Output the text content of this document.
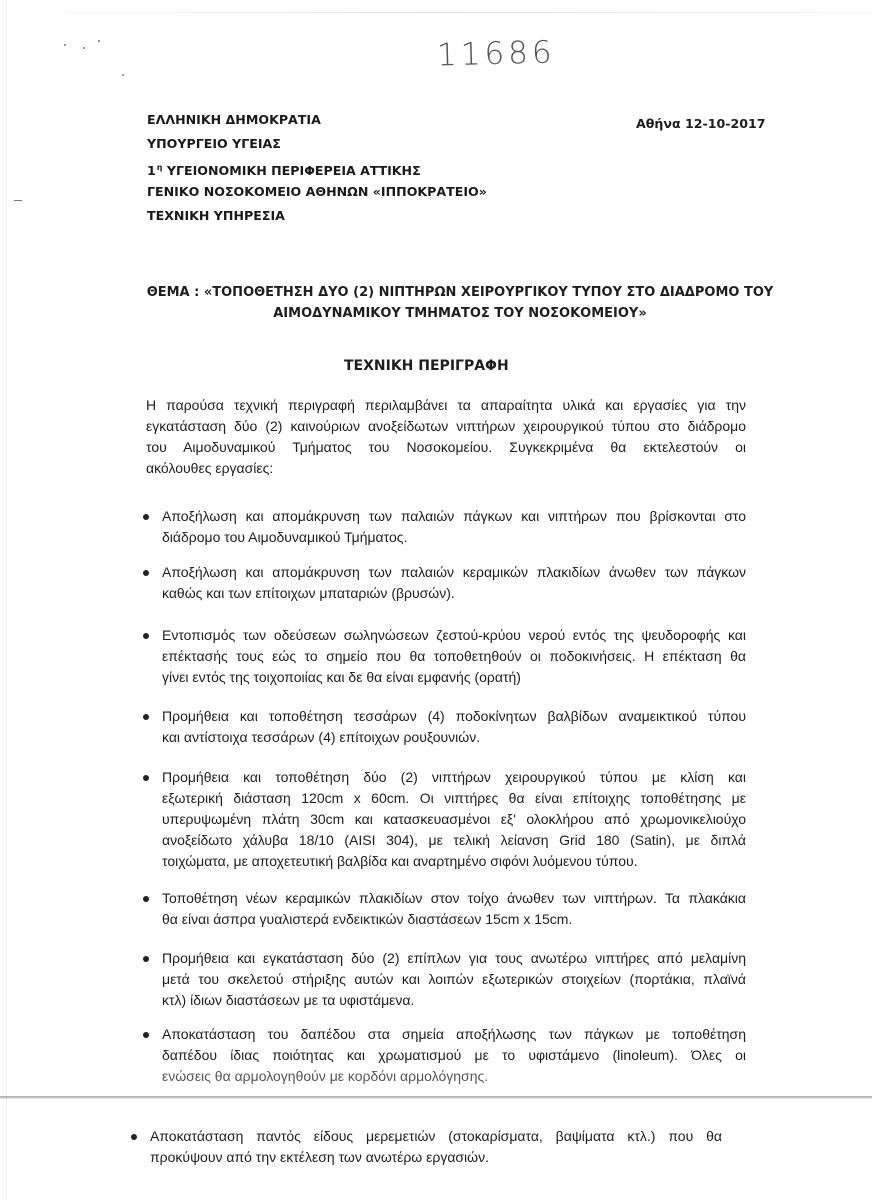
11686
ΕΛΛΗΝΙΚΗ ΔΗΜΟΚΡΑΤΙΑ
ΥΠΟΥΡΓΕΙΟ ΥΓΕΙΑΣ
$1^\eta$ ΥΓΕΙΟΝΟΜΙΚΗ ΠΕΡΙΦΕΡΕΙΑ ΑΤΤΙΚΗΣ
ΓΕΝΙΚΟ ΝΟΣΟΚΟΜΕΙΟ ΑΘΗΝΩΝ «ΙΠΠΟΚΡΑΤΕΙΟ»
ΤΕΧΝΙΚΗ ΥΠΗΡΕΣΙΑ
Αθήνα 12-10-2017
ΘΕΜΑ : «ΤΟΠΟΘΕΤΗΣΗ ΔΥΟ (2) ΝΙΠΤΗΡΩΝ ΧΕΙΡΟΥΡΓΙΚΟΥ ΤΥΠΟΥ ΣΤΟ ΔΙΑΔΡΟΜΟ ΤΟΥ
ΑΙΜΟΔΥΝΑΜΙΚΟΥ ΤΜΗΜΑΤΟΣ ΤΟΥ ΝΟΣΟΚΟΜΕΙΟΥ»
ΤΕΧΝΙΚΗ ΠΕΡΙΓΡΑΦΗ
Η παρούσα τεχνική περιγραφή περιλαμβάνει τα απαραίτητα υλικά και εργασίες για την
εγκατάσταση δύο (2) καινούριων ανοξείδωτων νιπτήρων χειρουργικού τύπου στο διάδρομο
του Αιμοδυναμικού Τμήματος του Νοσοκομείου. Συγκεκριμένα θα εκτελεστούν οι
ακόλουθες εργασίες:
Αποξήλωση και απομάκρυνση των παλαιών πάγκων και νιπτήρων που βρίσκονται στο
διάδρομο του Αιμοδυναμικού Τμήματος.
Αποξήλωση και απομάκρυνση των παλαιών κεραμικών πλακιδίων άνωθεν των πάγκων
καθώς και των επίτοιχων μπαταριών (βρυσών).
Εντοπισμός των οδεύσεων σωληνώσεων ζεστού-κρύου νερού εντός της ψευδοροφής και
επέκτασής τους εώς το σημείο που θα τοποθετηθούν οι ποδοκινήσεις. Η επέκταση θα
γίνει εντός της τοιχοποιίας και δε θα είναι εμφανής (ορατή)
Προμήθεια και τοποθέτηση τεσσάρων (4) ποδοκίνητων βαλβίδων αναμεικτικού τύπου
και αντίστοιχα τεσσάρων (4) επίτοιχων ρουξουνιών.
Προμήθεια και τοποθέτηση δύο (2) νιπτήρων χειρουργικού τύπου με κλίση και
εξωτερική διάσταση 120cm x 60cm. Οι νιπτήρες θα είναι επίτοιχης τοποθέτησης με
υπερυψωμένη πλάτη 30cm και κατασκευασμένοι εξ' ολοκλήρου από χρωμονικελιούχο
ανοξείδωτο χάλυβα 18/10 (AISI 304), με τελική λείανση Grid 180 (Satin), με διπλά
τοιχώματα, με αποχετευτική βαλβίδα και αναρτημένο σιφόνι λυόμενου τύπου.
Τοποθέτηση νέων κεραμικών πλακιδίων στον τοίχο άνωθεν των νιπτήρων. Τα πλακάκια
θα είναι άσπρα γυαλιστερά ενδεικτικών διαστάσεων 15cm x 15cm.
Προμήθεια και εγκατάσταση δύο (2) επίπλων για τους ανωτέρω νιπτήρες από μελαμίνη
μετά του σκελετού στήριξης αυτών και λοιπών εξωτερικών στοιχείων (πορτάκια, πλαϊνά
κτλ) ίδιων διαστάσεων με τα υφιστάμενα.
Αποκατάσταση του δαπέδου στα σημεία αποξήλωσης των πάγκων με τοποθέτηση
δαπέδου ίδιας ποιότητας και χρωματισμού με το υφιστάμενο (linoleum). Όλες οι
ενώσεις θα αρμολογηθούν με κορδόνι αρμολόγησης.
Αποκατάσταση παντός είδους μερεμετιών (στοκαρίσματα, βαψίματα κτλ.) που θα
προκύψουν από την εκτέλεση των ανωτέρω εργασιών.
